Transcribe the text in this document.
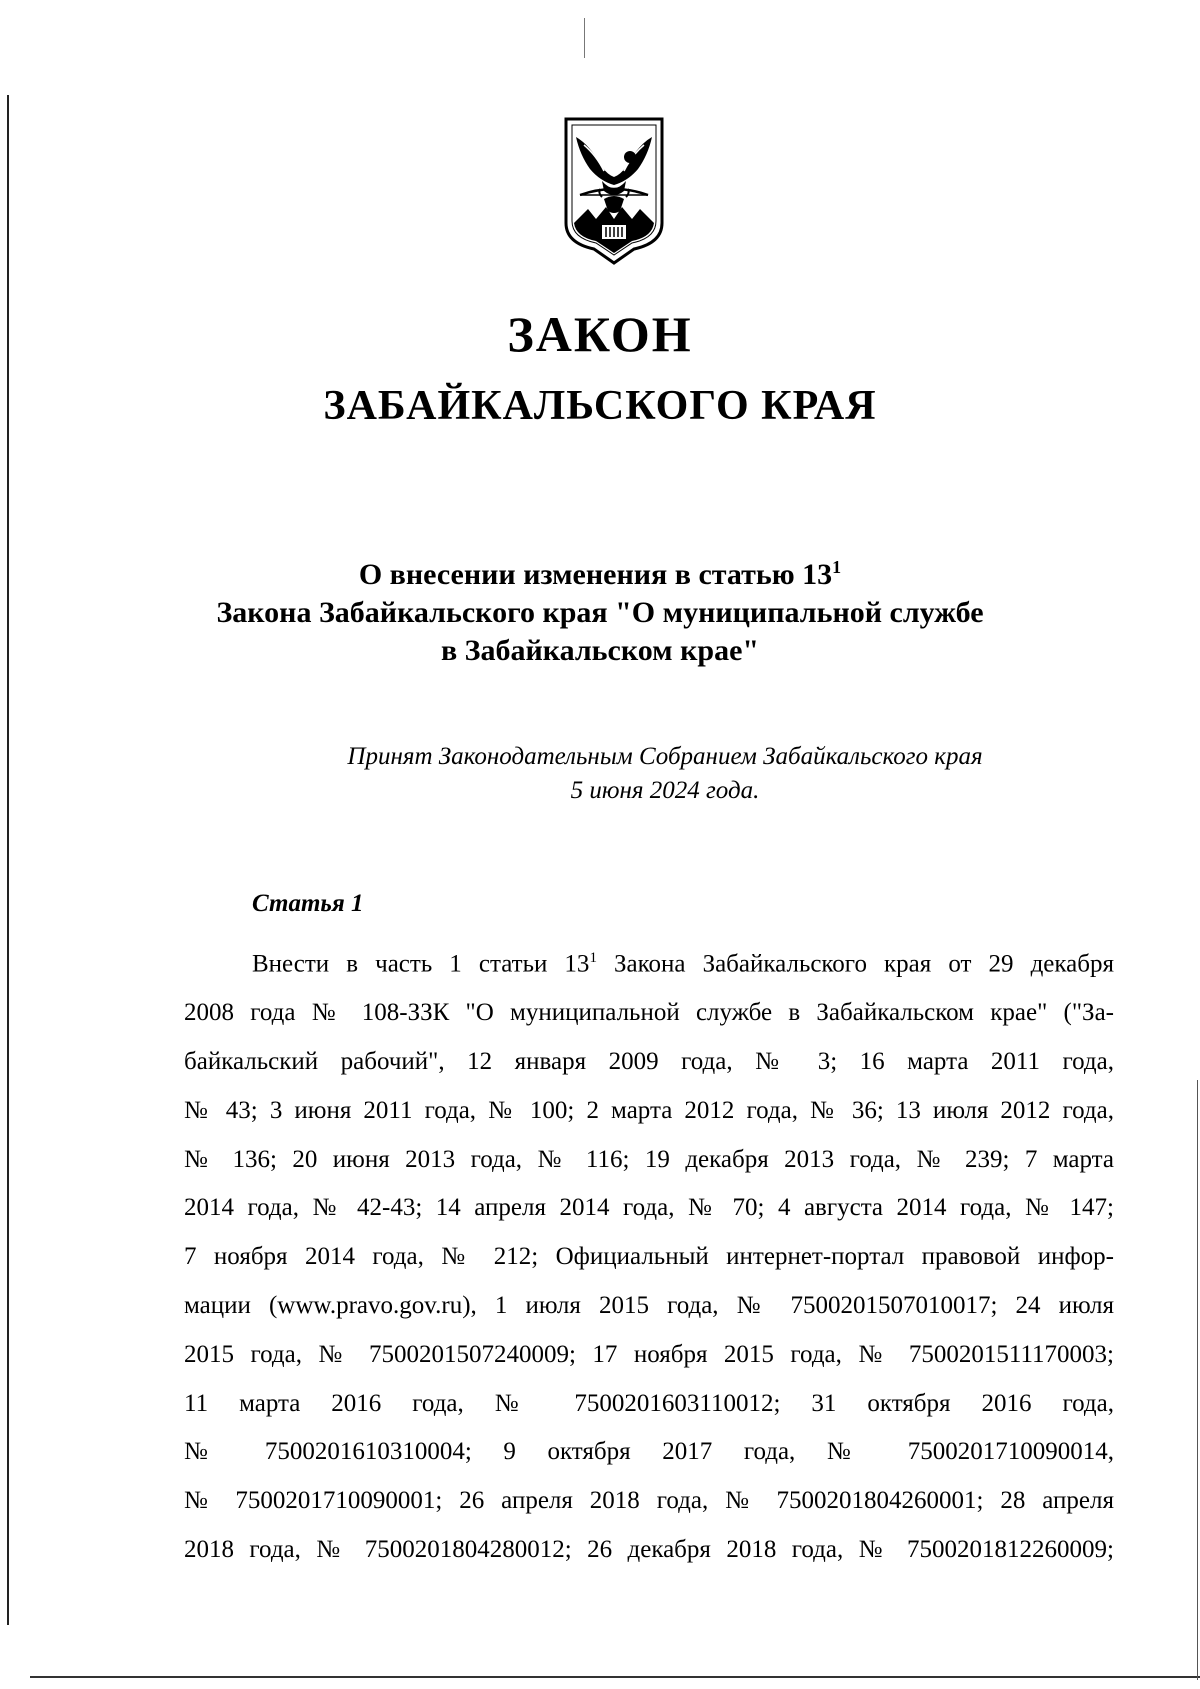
ЗАКОН
ЗАБАЙКАЛЬСКОГО КРАЯ
О внесении изменения в статью $13^1$
Закона Забайкальского края "О муниципальной службе
в Забайкальском крае"
Принят Законодательным Собранием Забайкальского края
5 июня 2024 года.
Статья 1
Внести в часть 1 статьи $13^1$ Закона Забайкальского края от 29 декабря
2008 года № 108-ЗЗК "О муниципальной службе в Забайкальском крае" ("За-
байкальский рабочий", 12 января 2009 года, № 3; 16 марта 2011 года,
№ 43; 3 июня 2011 года, № 100; 2 марта 2012 года, № 36; 13 июля 2012 года,
№ 136; 20 июня 2013 года, № 116; 19 декабря 2013 года, № 239; 7 марта
2014 года, № 42-43; 14 апреля 2014 года, № 70; 4 августа 2014 года, № 147;
7 ноября 2014 года, № 212; Официальный интернет-портал правовой инфор-
мации (www.pravo.gov.ru), 1 июля 2015 года, № 7500201507010017; 24 июля
2015 года, № 7500201507240009; 17 ноября 2015 года, № 7500201511170003;
11 марта 2016 года, № 7500201603110012; 31 октября 2016 года,
№ 7500201610310004; 9 октября 2017 года, № 7500201710090014,
№ 7500201710090001; 26 апреля 2018 года, № 7500201804260001; 28 апреля
2018 года, № 7500201804280012; 26 декабря 2018 года, № 7500201812260009;
